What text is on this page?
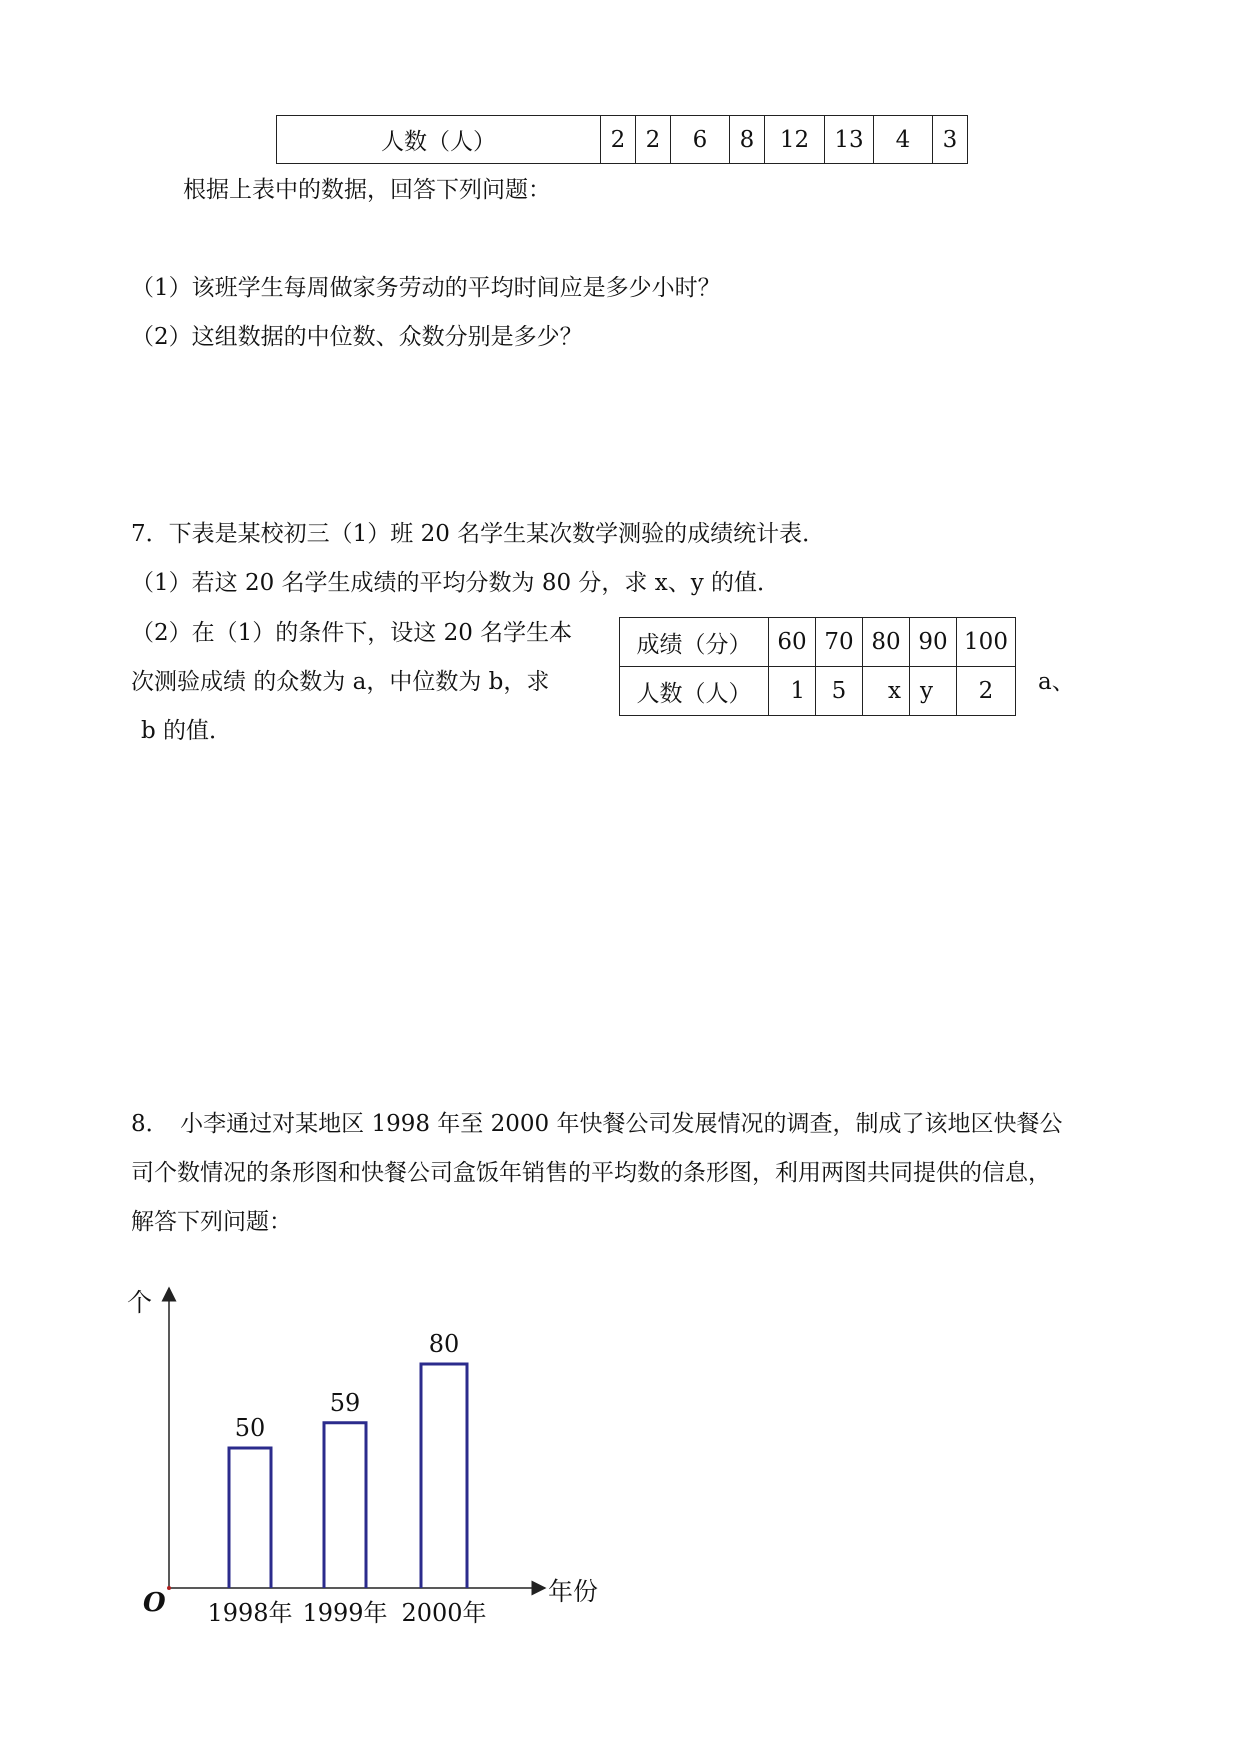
人数（人）	2	2	6	8	12	13	4	3
根据上表中的数据，回答下列问题：
（1）该班学生每周做家务劳动的平均时间应是多少小时？
（2）这组数据的中位数、众数分别是多少？
7．下表是某校初三（1）班 20 名学生某次数学测验的成绩统计表．
（1）若这 20 名学生成绩的平均分数为 80 分，求 x、y 的值．
（2）在（1）的条件下，设这 20 名学生本
次测验成绩 的众数为 a，中位数为 b，求	a、
b 的值．
成绩（分）	60	70	80	90	100
人数（人）	1	5	x	y	2
8．　小李通过对某地区 1998 年至 2000 年快餐公司发展情况的调查，制成了该地区快餐公
司个数情况的条形图和快餐公司盒饭年销售的平均数的条形图，利用两图共同提供的信息，
解答下列问题：
个
年份
O
50
1998年
59
1999年
80
2000年
